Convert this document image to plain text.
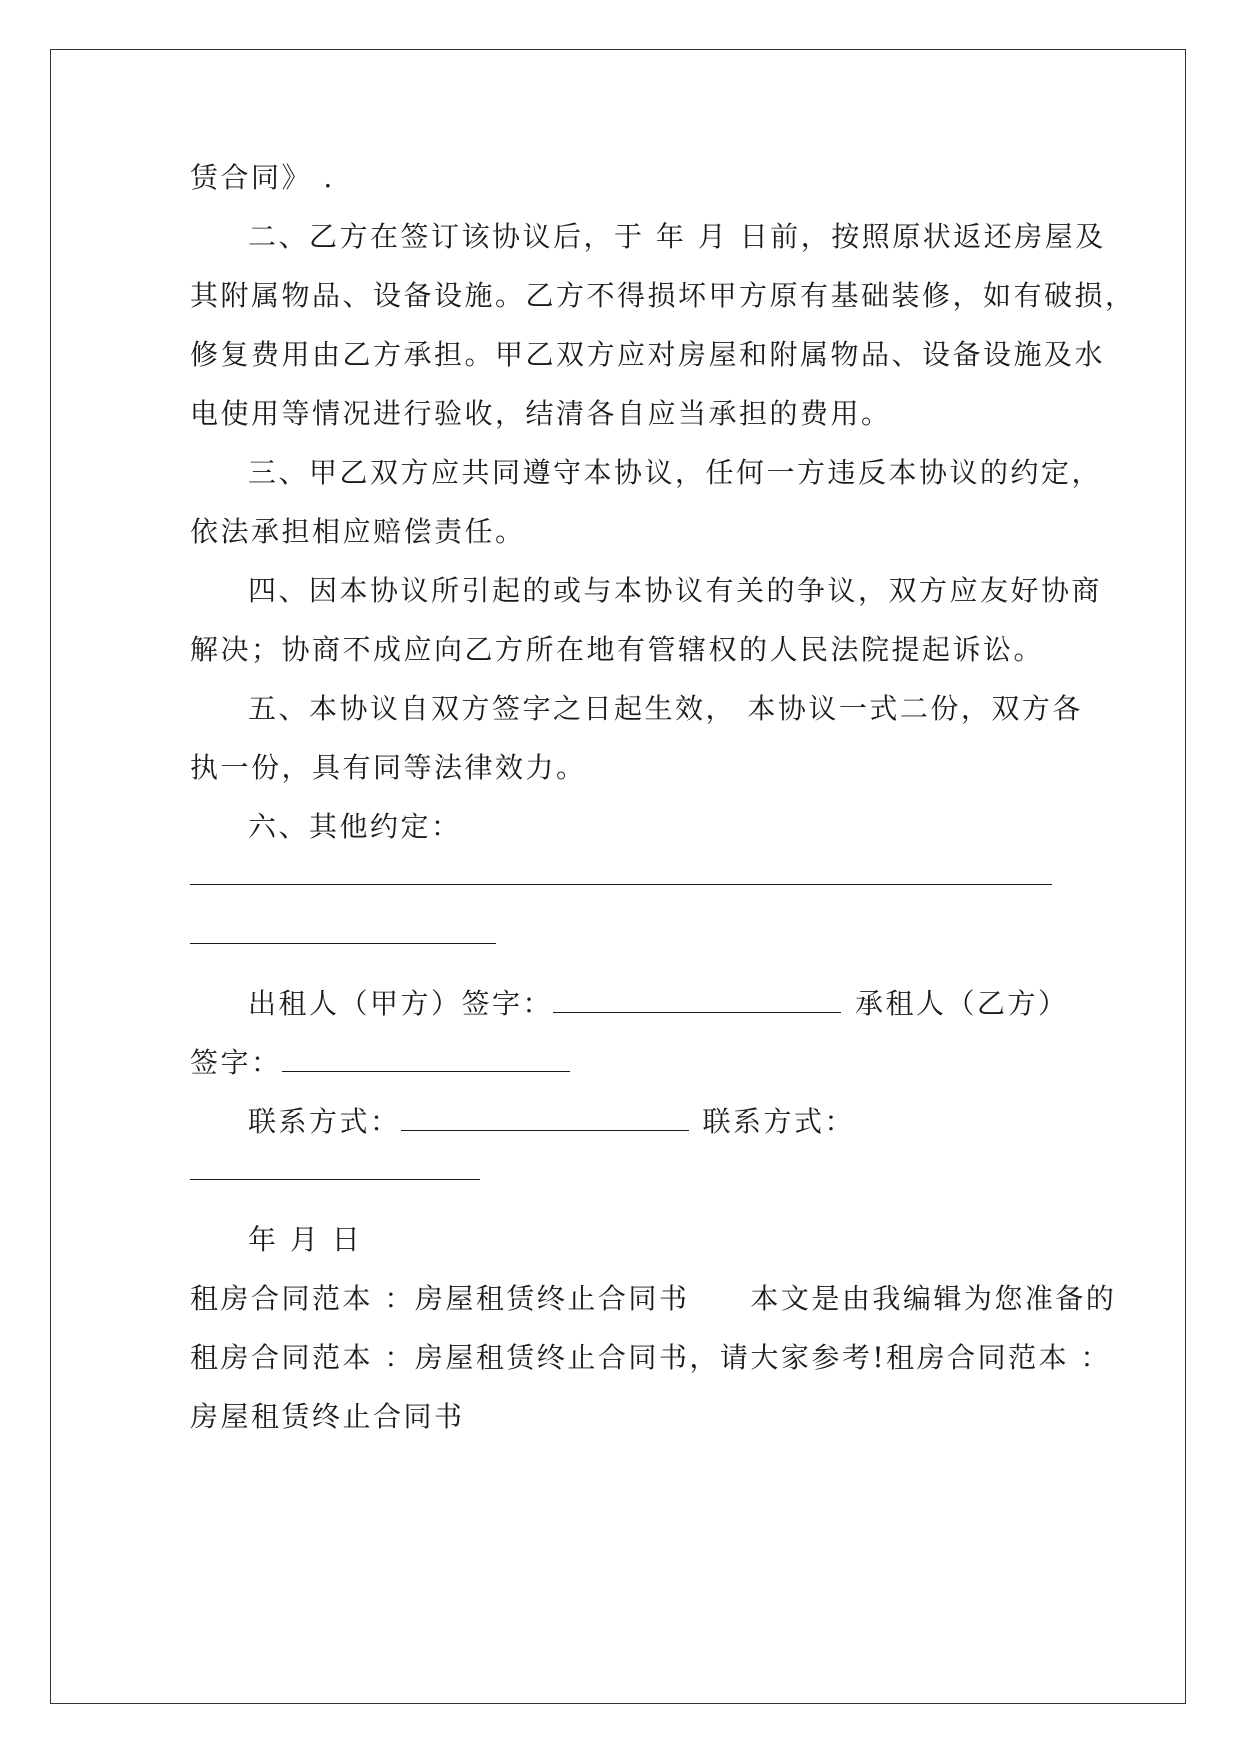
赁合同》 .
二、乙方在签订该协议后，于 年 月 日前，按照原状返还房屋及
其附属物品、设备设施。乙方不得损坏甲方原有基础装修，如有破损，
修复费用由乙方承担。甲乙双方应对房屋和附属物品、设备设施及水
电使用等情况进行验收，结清各自应当承担的费用。
三、甲乙双方应共同遵守本协议，任何一方违反本协议的约定，
依法承担相应赔偿责任。
四、因本协议所引起的或与本协议有关的争议，双方应友好协商
解决；协商不成应向乙方所在地有管辖权的人民法院提起诉讼。
五、本协议自双方签字之日起生效， 本协议一式二份，双方各
执一份，具有同等法律效力。
六、其他约定：
出租人（甲方）签字：	承租人（乙方）
签字：
联系方式：	联系方式：
年 月 日
租房合同范本 ：房屋租赁终止合同书　　本文是由我编辑为您准备的
租房合同范本 ：房屋租赁终止合同书，请大家参考!租房合同范本 ：
房屋租赁终止合同书
